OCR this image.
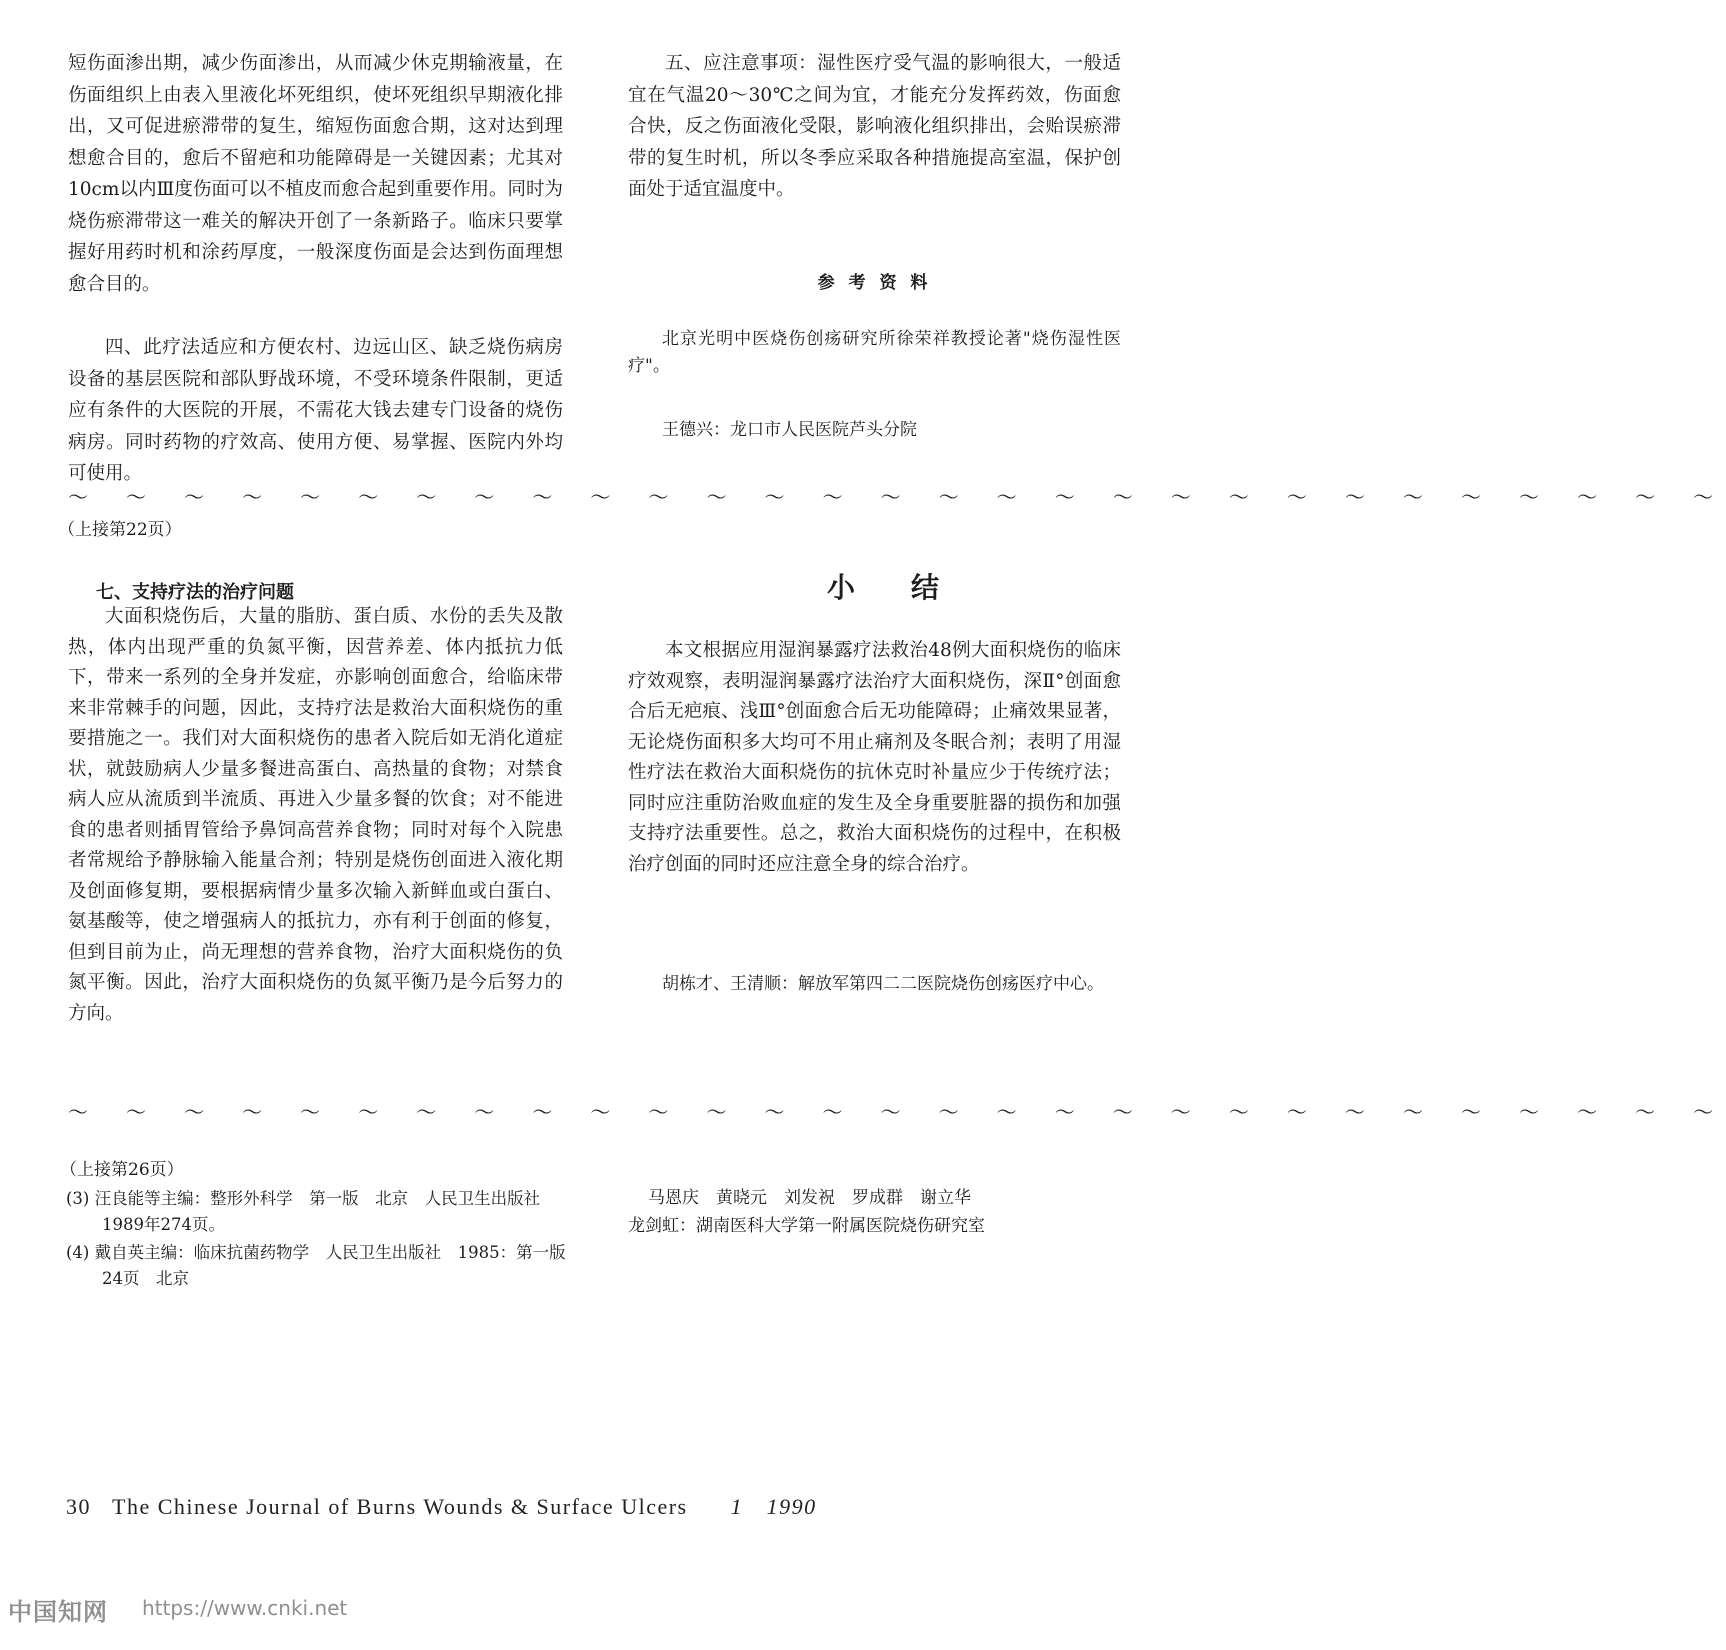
短伤面渗出期，减少伤面渗出，从而减少休克期输液量，在伤面组织上由表入里液化坏死组织，使坏死组织早期液化排出，又可促进瘀滞带的复生，缩短伤面愈合期，这对达到理想愈合目的，愈后不留疤和功能障碍是一关键因素；尤其对10cm以内Ⅲ度伤面可以不植皮而愈合起到重要作用。同时为烧伤瘀滞带这一难关的解决开创了一条新路子。临床只要掌握好用药时机和涂药厚度，一般深度伤面是会达到伤面理想愈合目的。

四、此疗法适应和方便农村、边远山区、缺乏烧伤病房设备的基层医院和部队野战环境，不受环境条件限制，更适应有条件的大医院的开展，不需花大钱去建专门设备的烧伤病房。同时药物的疗效高、使用方便、易掌握、医院内外均可使用。

五、应注意事项：湿性医疗受气温的影响很大，一般适宜在气温20～30℃之间为宜，才能充分发挥药效，伤面愈合快，反之伤面液化受限，影响液化组织排出，会贻误瘀滞带的复生时机，所以冬季应采取各种措施提高室温，保护创面处于适宜温度中。

参 考 资 料

北京光明中医烧伤创疡研究所徐荣祥教授论著"烧伤湿性医疗"。

王德兴：龙口市人民医院芦头分院

～ ～ ～ ～ ～ ～ ～ ～ ～ ～ ～ ～ ～ ～ ～ ～ ～ ～ ～ ～ ～ ～ ～ ～ ～ ～ ～ ～ ～
（上接第22页）
七、支持疗法的治疗问题

大面积烧伤后，大量的脂肪、蛋白质、水份的丢失及散热，体内出现严重的负氮平衡，因营养差、体内抵抗力低下，带来一系列的全身并发症，亦影响创面愈合，给临床带来非常棘手的问题，因此，支持疗法是救治大面积烧伤的重要措施之一。我们对大面积烧伤的患者入院后如无消化道症状，就鼓励病人少量多餐进高蛋白、高热量的食物；对禁食病人应从流质到半流质、再进入少量多餐的饮食；对不能进食的患者则插胃管给予鼻饲高营养食物；同时对每个入院患者常规给予静脉输入能量合剂；特别是烧伤创面进入液化期及创面修复期，要根据病情少量多次输入新鲜血或白蛋白、氨基酸等，使之增强病人的抵抗力，亦有利于创面的修复，但到目前为止，尚无理想的营养食物，治疗大面积烧伤的负氮平衡。因此，治疗大面积烧伤的负氮平衡乃是今后努力的方向。

小　　结

本文根据应用湿润暴露疗法救治48例大面积烧伤的临床疗效观察，表明湿润暴露疗法治疗大面积烧伤，深Ⅱ°创面愈合后无疤痕、浅Ⅲ°创面愈合后无功能障碍；止痛效果显著，无论烧伤面积多大均可不用止痛剂及冬眠合剂；表明了用湿性疗法在救治大面积烧伤的抗休克时补量应少于传统疗法；同时应注重防治败血症的发生及全身重要脏器的损伤和加强支持疗法重要性。总之，救治大面积烧伤的过程中，在积极治疗创面的同时还应注意全身的综合治疗。

胡栋才、王清顺：解放军第四二二医院烧伤创疡医疗中心。

～ ～ ～ ～ ～ ～ ～ ～ ～ ～ ～ ～ ～ ～ ～ ～ ～ ～ ～ ～ ～ ～ ～ ～ ～ ～ ～ ～ ～
（上接第26页）

(3) 汪良能等主编：整形外科学　第一版　北京　人民卫生出版社　1989年274页。

(4) 戴自英主编：临床抗菌药物学　人民卫生出版社　1985：第一版24页　北京

马恩庆　黄晓元　刘发祝　罗成群　谢立华
龙剑虹：湖南医科大学第一附属医院烧伤研究室
30 The Chinese Journal of Burns Wounds & Surface Ulcers 1　1990
中国知网 https://www.cnki.net
